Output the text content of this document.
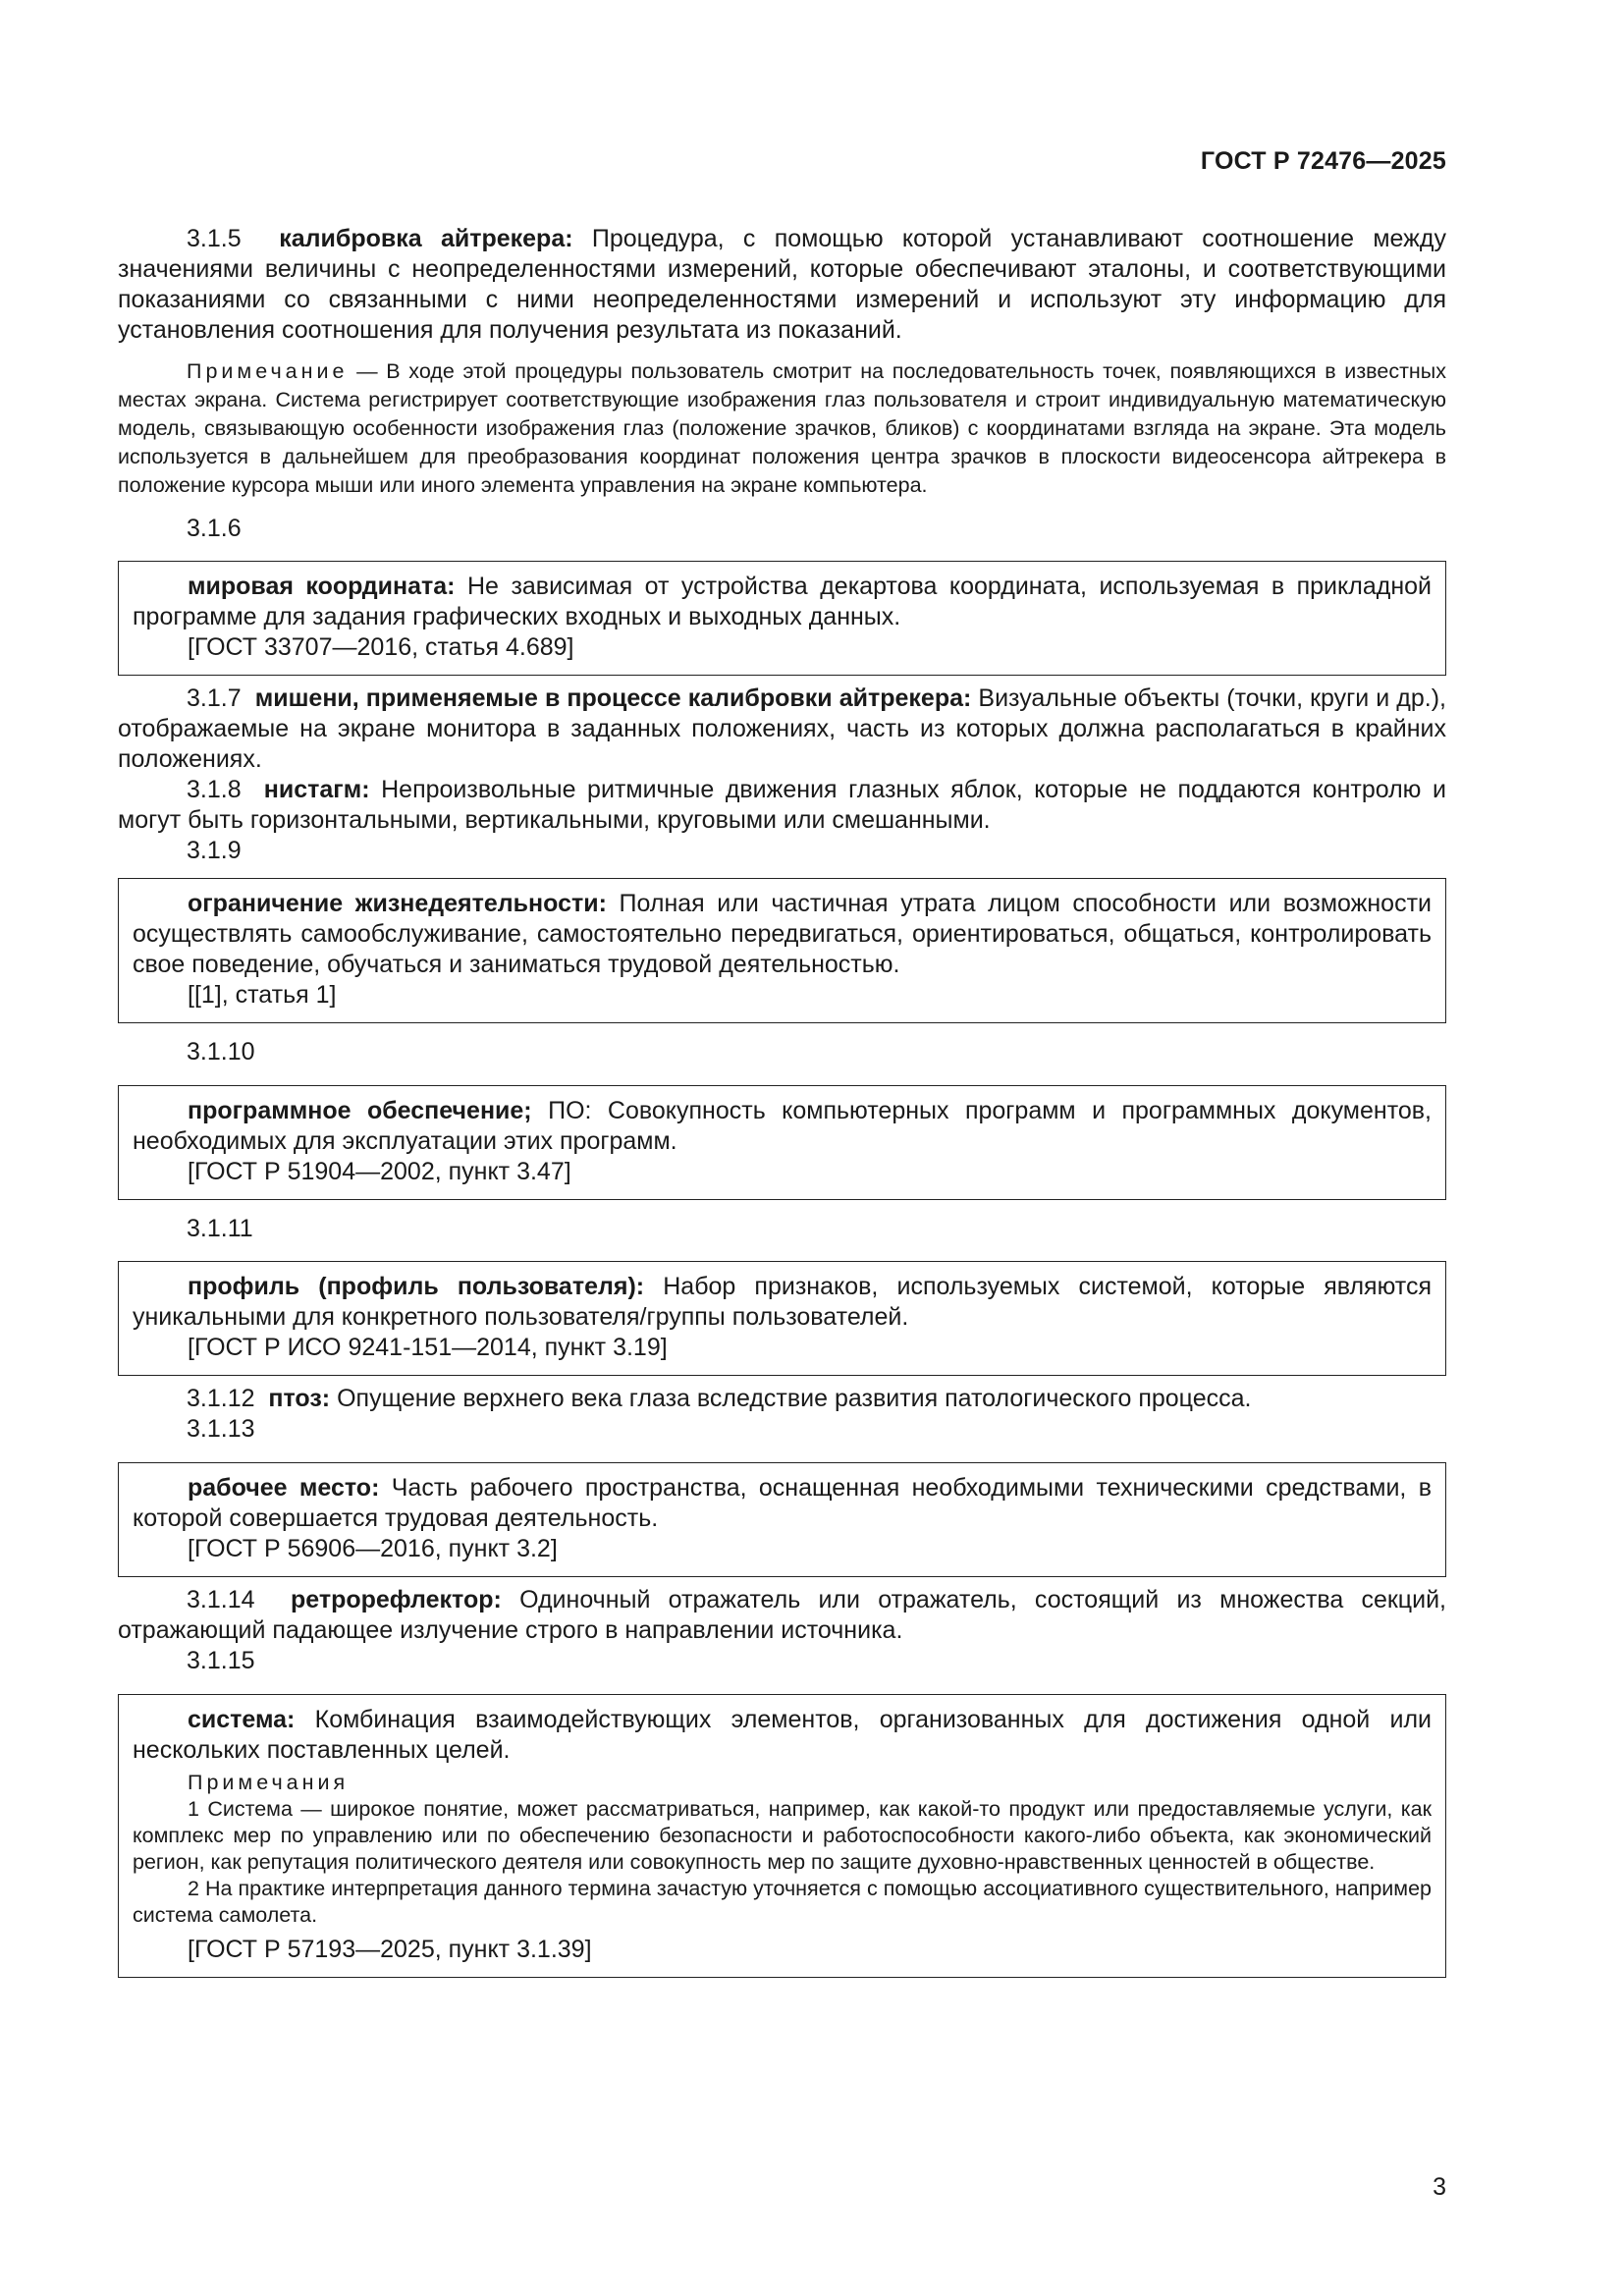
ГОСТ Р 72476—2025

3.1.5 калибровка айтрекера: Процедура, с помощью которой устанавливают соотношение между значениями величины с неопределенностями измерений, которые обеспечивают эталоны, и соответствующими показаниями со связанными с ними неопределенностями измерений и используют эту информацию для установления соотношения для получения результата из показаний.

Примечание — В ходе этой процедуры пользователь смотрит на последовательность точек, появляющихся в известных местах экрана. Система регистрирует соответствующие изображения глаз пользователя и строит индивидуальную математическую модель, связывающую особенности изображения глаз (положение зрачков, бликов) с координатами взгляда на экране. Эта модель используется в дальнейшем для преобразования координат положения центра зрачков в плоскости видеосенсора айтрекера в положение курсора мыши или иного элемента управления на экране компьютера.

3.1.6

мировая координата: Не зависимая от устройства декартова координата, используемая в прикладной программе для задания графических входных и выходных данных.

[ГОСТ 33707—2016, статья 4.689]

3.1.7 мишени, применяемые в процессе калибровки айтрекера: Визуальные объекты (точки, круги и др.), отображаемые на экране монитора в заданных положениях, часть из которых должна располагаться в крайних положениях.

3.1.8 нистагм: Непроизвольные ритмичные движения глазных яблок, которые не поддаются контролю и могут быть горизонтальными, вертикальными, круговыми или смешанными.

3.1.9

ограничение жизнедеятельности: Полная или частичная утрата лицом способности или возможности осуществлять самообслуживание, самостоятельно передвигаться, ориентироваться, общаться, контролировать свое поведение, обучаться и заниматься трудовой деятельностью.

[[1], статья 1]
3.1.10

программное обеспечение; ПО: Совокупность компьютерных программ и программных документов, необходимых для эксплуатации этих программ.

[ГОСТ Р 51904—2002, пункт 3.47]
3.1.11

профиль (профиль пользователя): Набор признаков, используемых системой, которые являются уникальными для конкретного пользователя/группы пользователей.

[ГОСТ Р ИСО 9241-151—2014, пункт 3.19]

3.1.12 птоз: Опущение верхнего века глаза вследствие развития патологического процесса.

3.1.13

рабочее место: Часть рабочего пространства, оснащенная необходимыми техническими средствами, в которой совершается трудовая деятельность.

[ГОСТ Р 56906—2016, пункт 3.2]

3.1.14 ретрорефлектор: Одиночный отражатель или отражатель, состоящий из множества секций, отражающий падающее излучение строго в направлении источника.

3.1.15

система: Комбинация взаимодействующих элементов, организованных для достижения одной или нескольких поставленных целей.

Примечания

1 Система — широкое понятие, может рассматриваться, например, как какой-то продукт или предоставляемые услуги, как комплекс мер по управлению или по обеспечению безопасности и работоспособности какого-либо объекта, как экономический регион, как репутация политического деятеля или совокупность мер по защите духовно-нравственных ценностей в обществе.

2 На практике интерпретация данного термина зачастую уточняется с помощью ассоциативного существительного, например система самолета.

[ГОСТ Р 57193—2025, пункт 3.1.39]
3
